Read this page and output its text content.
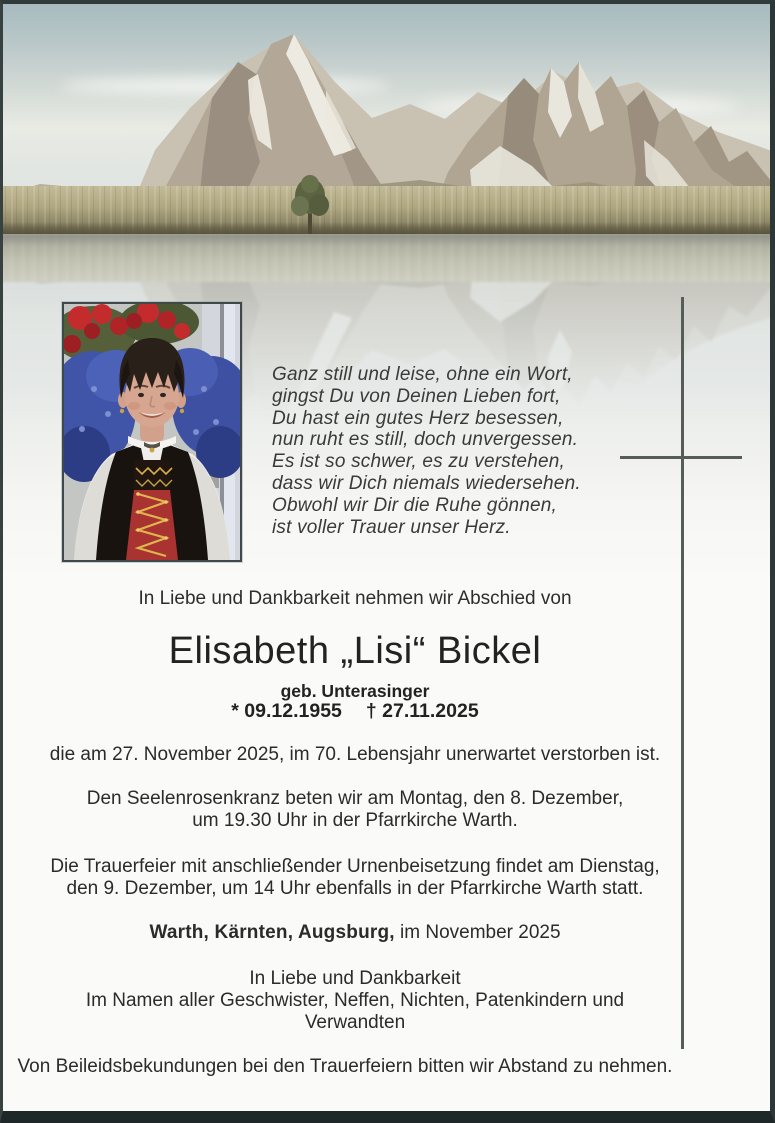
Ganz still und leise, ohne ein Wort,
gingst Du von Deinen Lieben fort,
Du hast ein gutes Herz besessen,
nun ruht es still, doch unvergessen.
Es ist so schwer, es zu verstehen,
dass wir Dich niemals wiedersehen.
Obwohl wir Dir die Ruhe gönnen,
ist voller Trauer unser Herz.
In Liebe und Dankbarkeit nehmen wir Abschied von
Elisabeth „Lisi“ Bickel
geb. Unterasinger
* 09.12.1955 † 27.11.2025
die am 27. November 2025, im 70. Lebensjahr unerwartet verstorben ist.
Den Seelenrosenkranz beten wir am Montag, den 8. Dezember,
um 19.30 Uhr in der Pfarrkirche Warth.
Die Trauerfeier mit anschließender Urnenbeisetzung findet am Dienstag,
den 9. Dezember, um 14 Uhr ebenfalls in der Pfarrkirche Warth statt.
Warth, Kärnten, Augsburg, im November 2025
In Liebe und Dankbarkeit
Im Namen aller Geschwister, Neffen, Nichten, Patenkindern und Verwandten
Von Beileidsbekundungen bei den Trauerfeiern bitten wir Abstand zu nehmen.
